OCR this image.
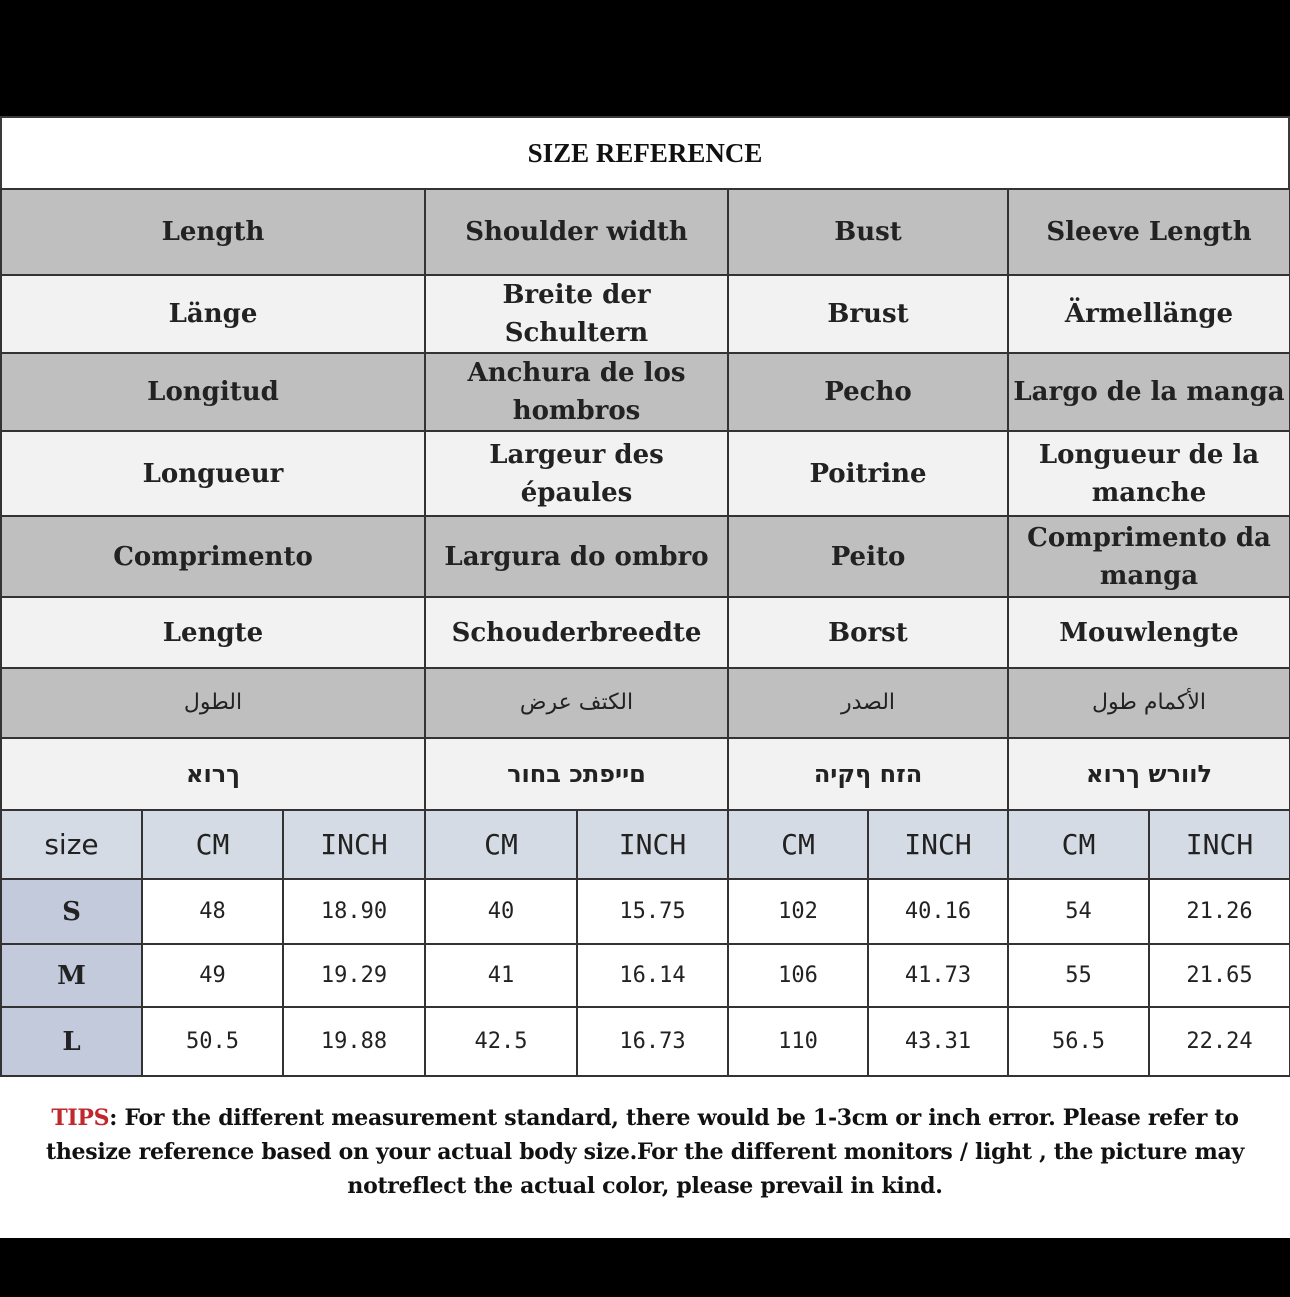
SIZE REFERENCE
Length			Shoulder width		Bust		Sleeve Length	
Länge			Breite der Schultern		Brust		Ärmellänge	
Longitud			Anchura de los hombros		Pecho		Largo de la manga	
Longueur			Largeur des épaules		Poitrine		Longueur de la manche	
Comprimento			Largura do ombro		Peito		Comprimento da manga	
Lengte			Schouderbreedte		Borst		Mouwlengte	
الطول			الكتف عرض		الصدر		الأكمام طول	
ךרוא			םייפתכ בחור		הזח ףקיה		לוורש ךרוא	
size	CM	INCH	CM	INCH	CM	INCH	CM	INCH
S	48	18.90	40	15.75	102	40.16	54	21.26
M	49	19.29	41	16.14	106	41.73	55	21.65
L	50.5	19.88	42.5	16.73	110	43.31	56.5	22.24
TIPS: For the different measurement standard, there would be 1-3cm or inch error. Please refer to thesize reference based on your actual body size.For the different monitors / light , the picture may notreflect the actual color, please prevail in kind.
